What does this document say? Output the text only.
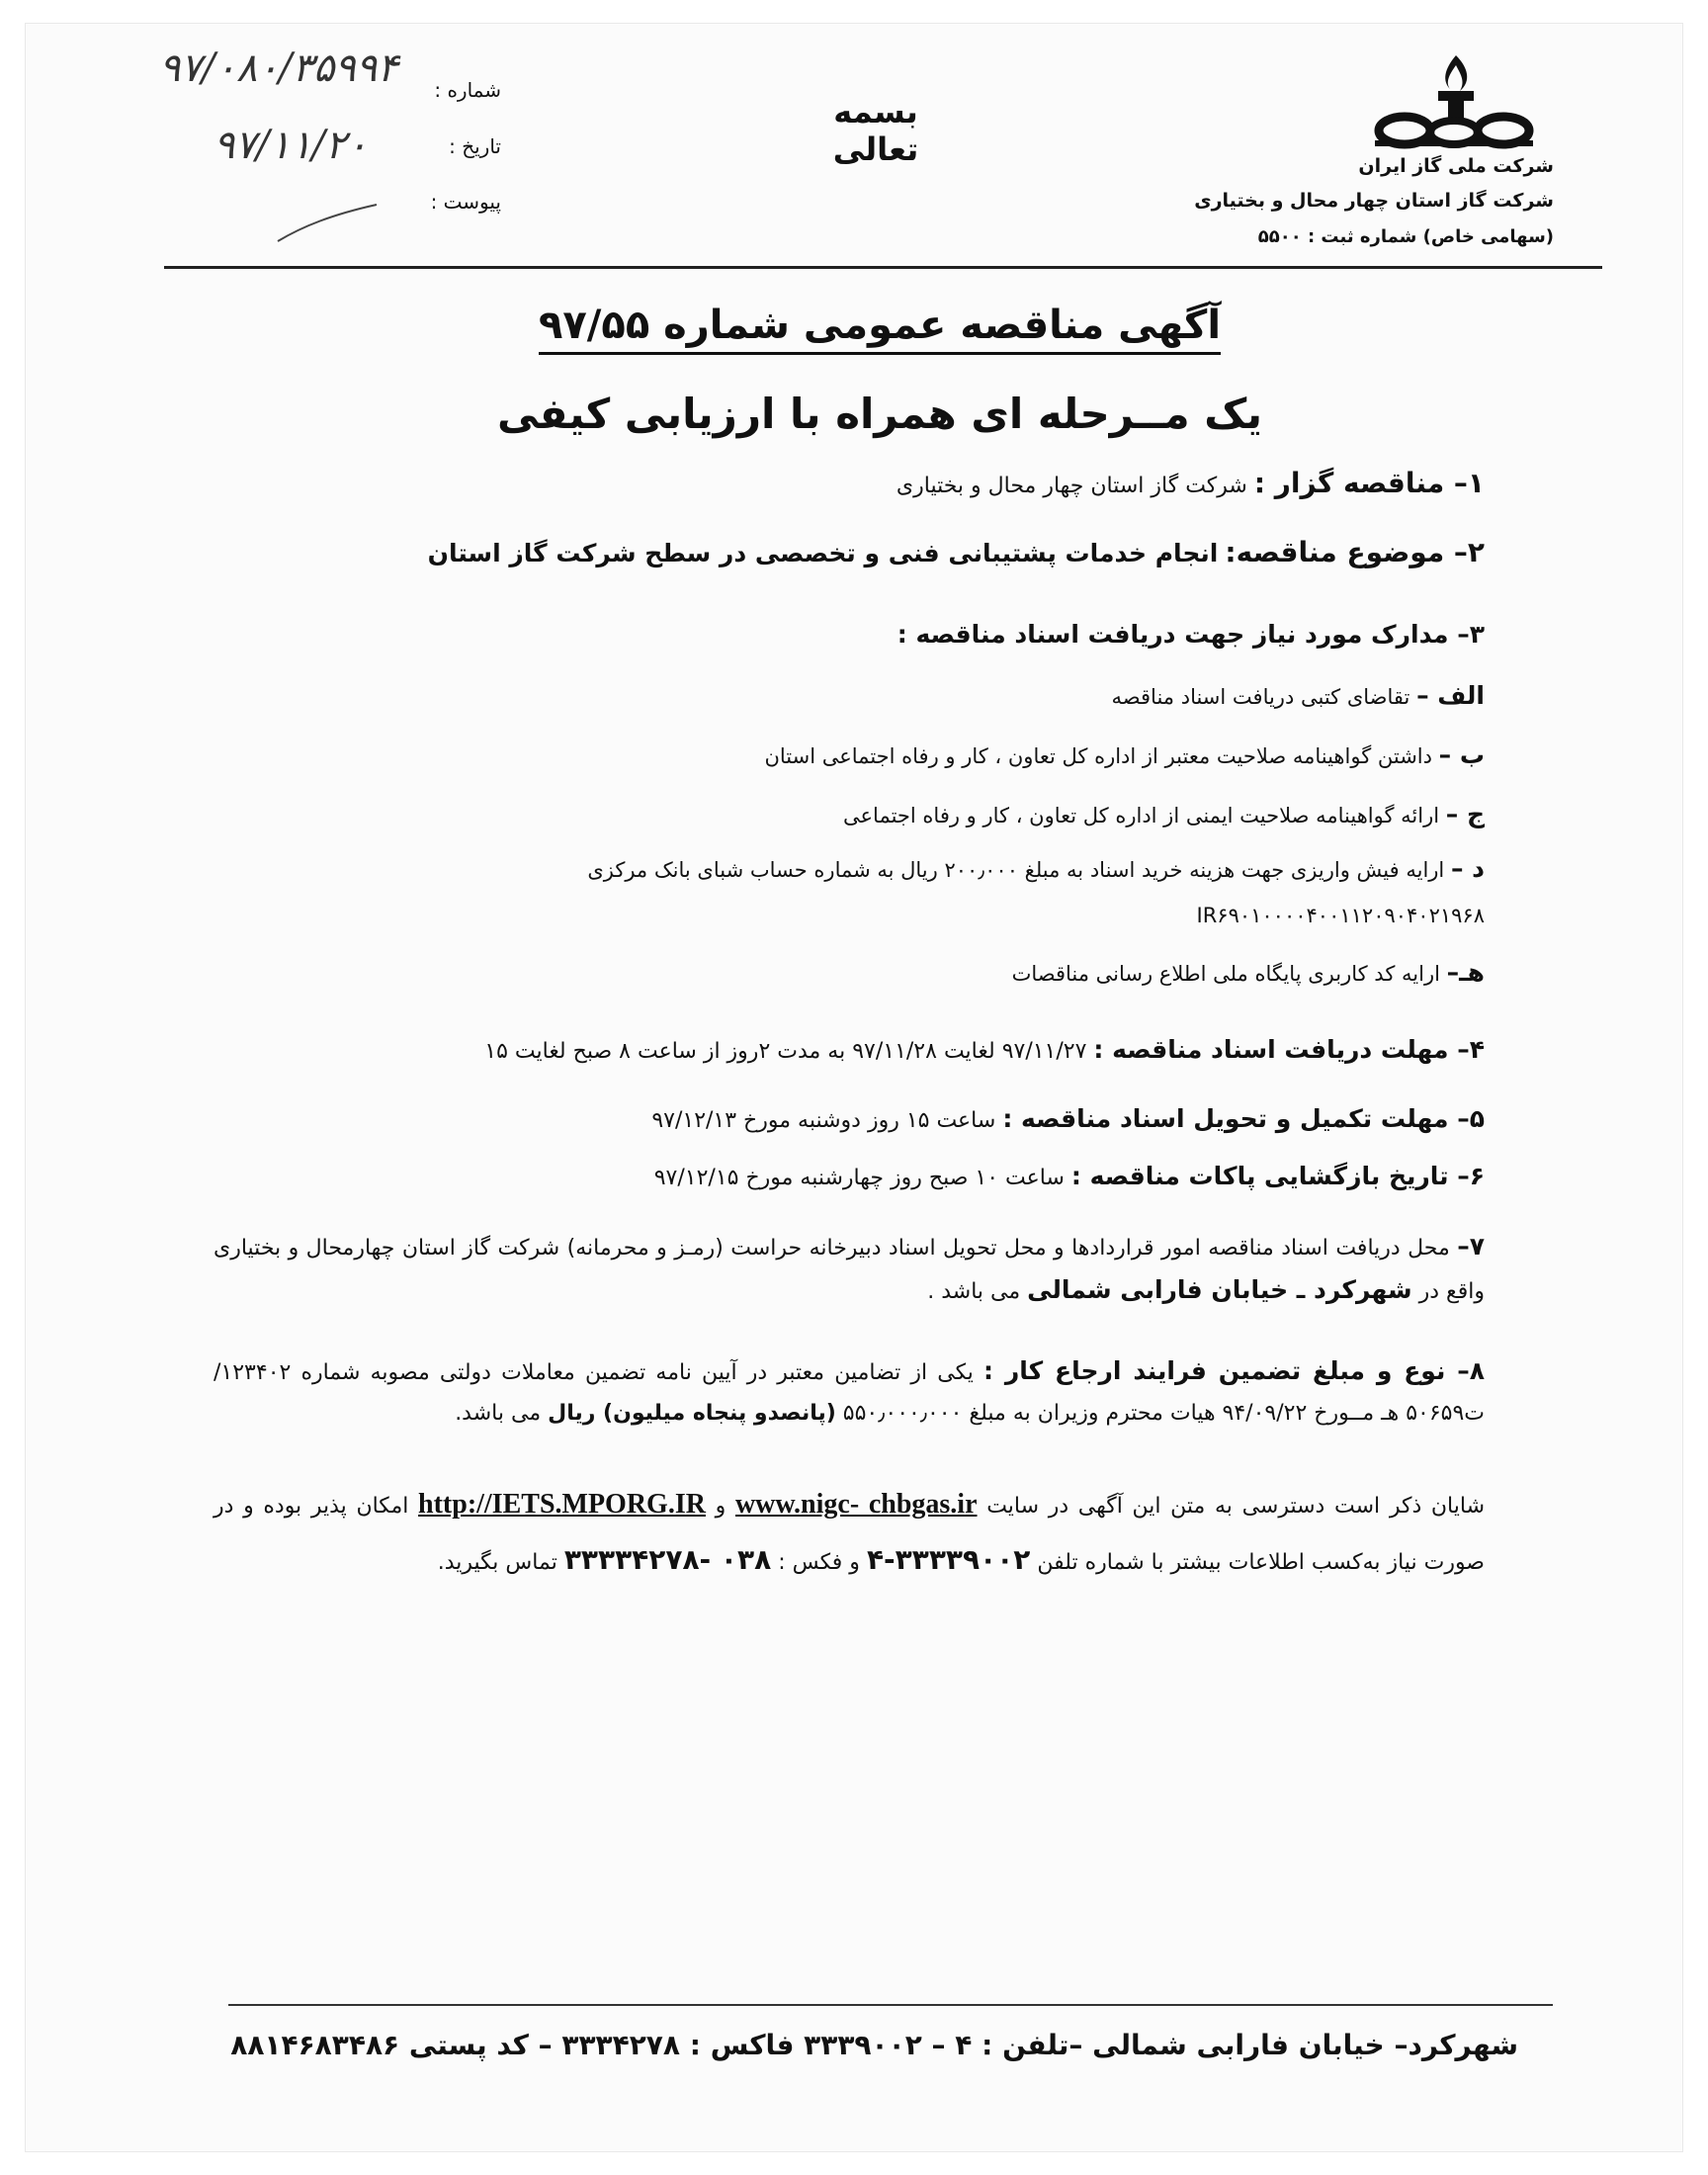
شرکت ملی گاز ایران
شرکت گاز استان چهار محال و بختیاری
(سهامی خاص) شماره ثبت : ۵۵۰۰
بسمه تعالی
شماره :
۹۷/۰۸۰/۳۵۹۹۴
تاریخ :
۹۷/۱۱/۲۰
پیوست :
آگهی مناقصه عمومی شماره ۹۷/۵۵
یک مــرحله ای همراه با ارزیابی کیفی
۱– مناقصه گزار : شرکت گاز استان چهار محال و بختیاری
۲– موضوع مناقصه: انجام خدمات پشتیبانی فنی و تخصصی در سطح شرکت گاز استان
۳– مدارک مورد نیاز جهت دریافت اسناد مناقصه :
الف – تقاضای کتبی دریافت اسناد مناقصه
ب – داشتن گواهینامه صلاحیت معتبر از اداره کل تعاون ، کار و رفاه اجتماعی استان
ج – ارائه گواهینامه صلاحیت ایمنی از اداره کل تعاون ، کار و رفاه اجتماعی
د – ارایه فیش واریزی جهت هزینه خرید اسناد به مبلغ ۲۰۰٫۰۰۰ ریال به شماره حساب شبای بانک مرکزی
IR۶۹۰۱۰۰۰۰۴۰۰۱۱۲۰۹۰۴۰۲۱۹۶۸
هـ– ارایه کد کاربری پایگاه ملی اطلاع رسانی مناقصات
۴– مهلت دریافت اسناد مناقصه : ۹۷/۱۱/۲۷ لغایت ۹۷/۱۱/۲۸ به مدت ۲روز از ساعت ۸ صبح لغایت ۱۵
۵– مهلت تکمیل و تحویل اسناد مناقصه : ساعت ۱۵ روز دوشنبه مورخ ۹۷/۱۲/۱۳
۶– تاریخ بازگشایی پاکات مناقصه : ساعت ۱۰ صبح روز چهارشنبه مورخ ۹۷/۱۲/۱۵
۷– محل دریافت اسناد مناقصه امور قراردادها و محل تحویل اسناد دبیرخانه حراست (رمـز و محرمانه) شرکت گاز استان چهارمحال و بختیاری واقع در شهرکرد ـ خیابان فارابی شمالی می باشد .
۸– نوع و مبلغ تضمین فرایند ارجاع کار : یکی از تضامین معتبر در آیین نامه تضمین معاملات دولتی مصوبه شماره ۱۲۳۴۰۲/ت۵۰۶۵۹ هـ مــورخ ۹۴/۰۹/۲۲ هیات محترم وزیران به مبلغ ۵۵۰٫۰۰۰٫۰۰۰ (پانصدو پنجاه میلیون) ریال می باشد.
شایان ذکر است دسترسی به متن این آگهی در سایت www.nigc- chbgas.ir و http://IETS.MPORG.IR امکان پذیر بوده و در صورت نیاز به‌کسب اطلاعات بیشتر با شماره تلفن ۳۳۳۳۹۰۰۲-۴ و فکس : ۰۳۸ -۳۳۳۳۴۲۷۸ تماس بگیرید.
شهرکرد– خیابان فارابی شمالی –تلفن : ۴ – ۳۳۳۹۰۰۲ فاکس : ۳۳۳۴۲۷۸ – کد پستی ۸۸۱۴۶۸۳۴۸۶
